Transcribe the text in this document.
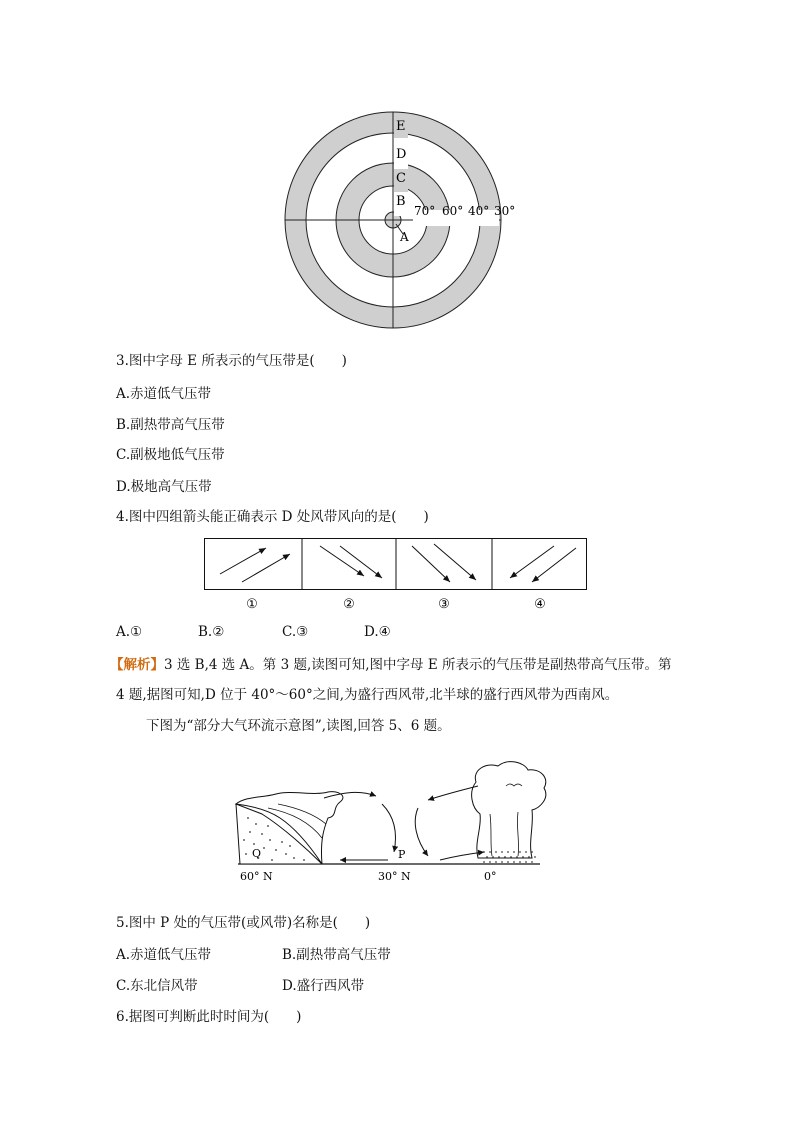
E
D
C
B
A
70° 60° 40° 30°
3.图中字母 E 所表示的气压带是(　　)
A.赤道低气压带
B.副热带高气压带
C.副极地低气压带
D.极地高气压带
4.图中四组箭头能正确表示 D 处风带风向的是(　　)
①	②	③	④
A.①	B.②	C.③	D.④
【解析】3 选 B,4 选 A。第 3 题,读图可知,图中字母 E 所表示的气压带是副热带高气压带。第
4 题,据图可知,D 位于 40°～60°之间,为盛行西风带,北半球的盛行西风带为西南风。
下图为“部分大气环流示意图”,读图,回答 5、6 题。
Q	P
60° N	30° N	0°
5.图中 P 处的气压带(或风带)名称是(　　)
A.赤道低气压带	B.副热带高气压带
C.东北信风带	D.盛行西风带
6.据图可判断此时时间为(　　)
